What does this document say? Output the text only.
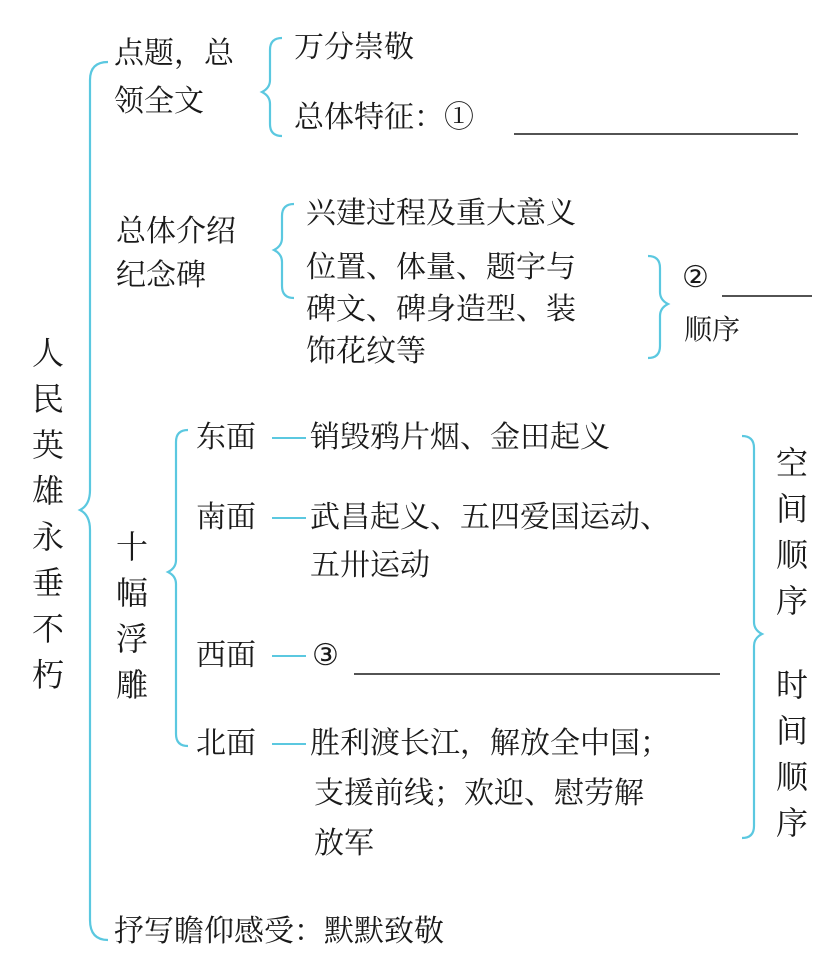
人
民
英
雄
永
垂
不
朽
点题，总
领全文
万分崇敬
总体特征：①
总体介绍
纪念碑
兴建过程及重大意义
位置、体量、题字与
碑文、碑身造型、装
饰花纹等
②
顺序
十
幅
浮
雕
东面 销毁鸦片烟、金田起义
南面 武昌起义、五四爱国运动、
五卅运动
西面 ③
北面 胜利渡长江，解放全中国；
支援前线；欢迎、慰劳解
放军
空
间
顺
序
时
间
顺
序
抒写瞻仰感受：默默致敬
